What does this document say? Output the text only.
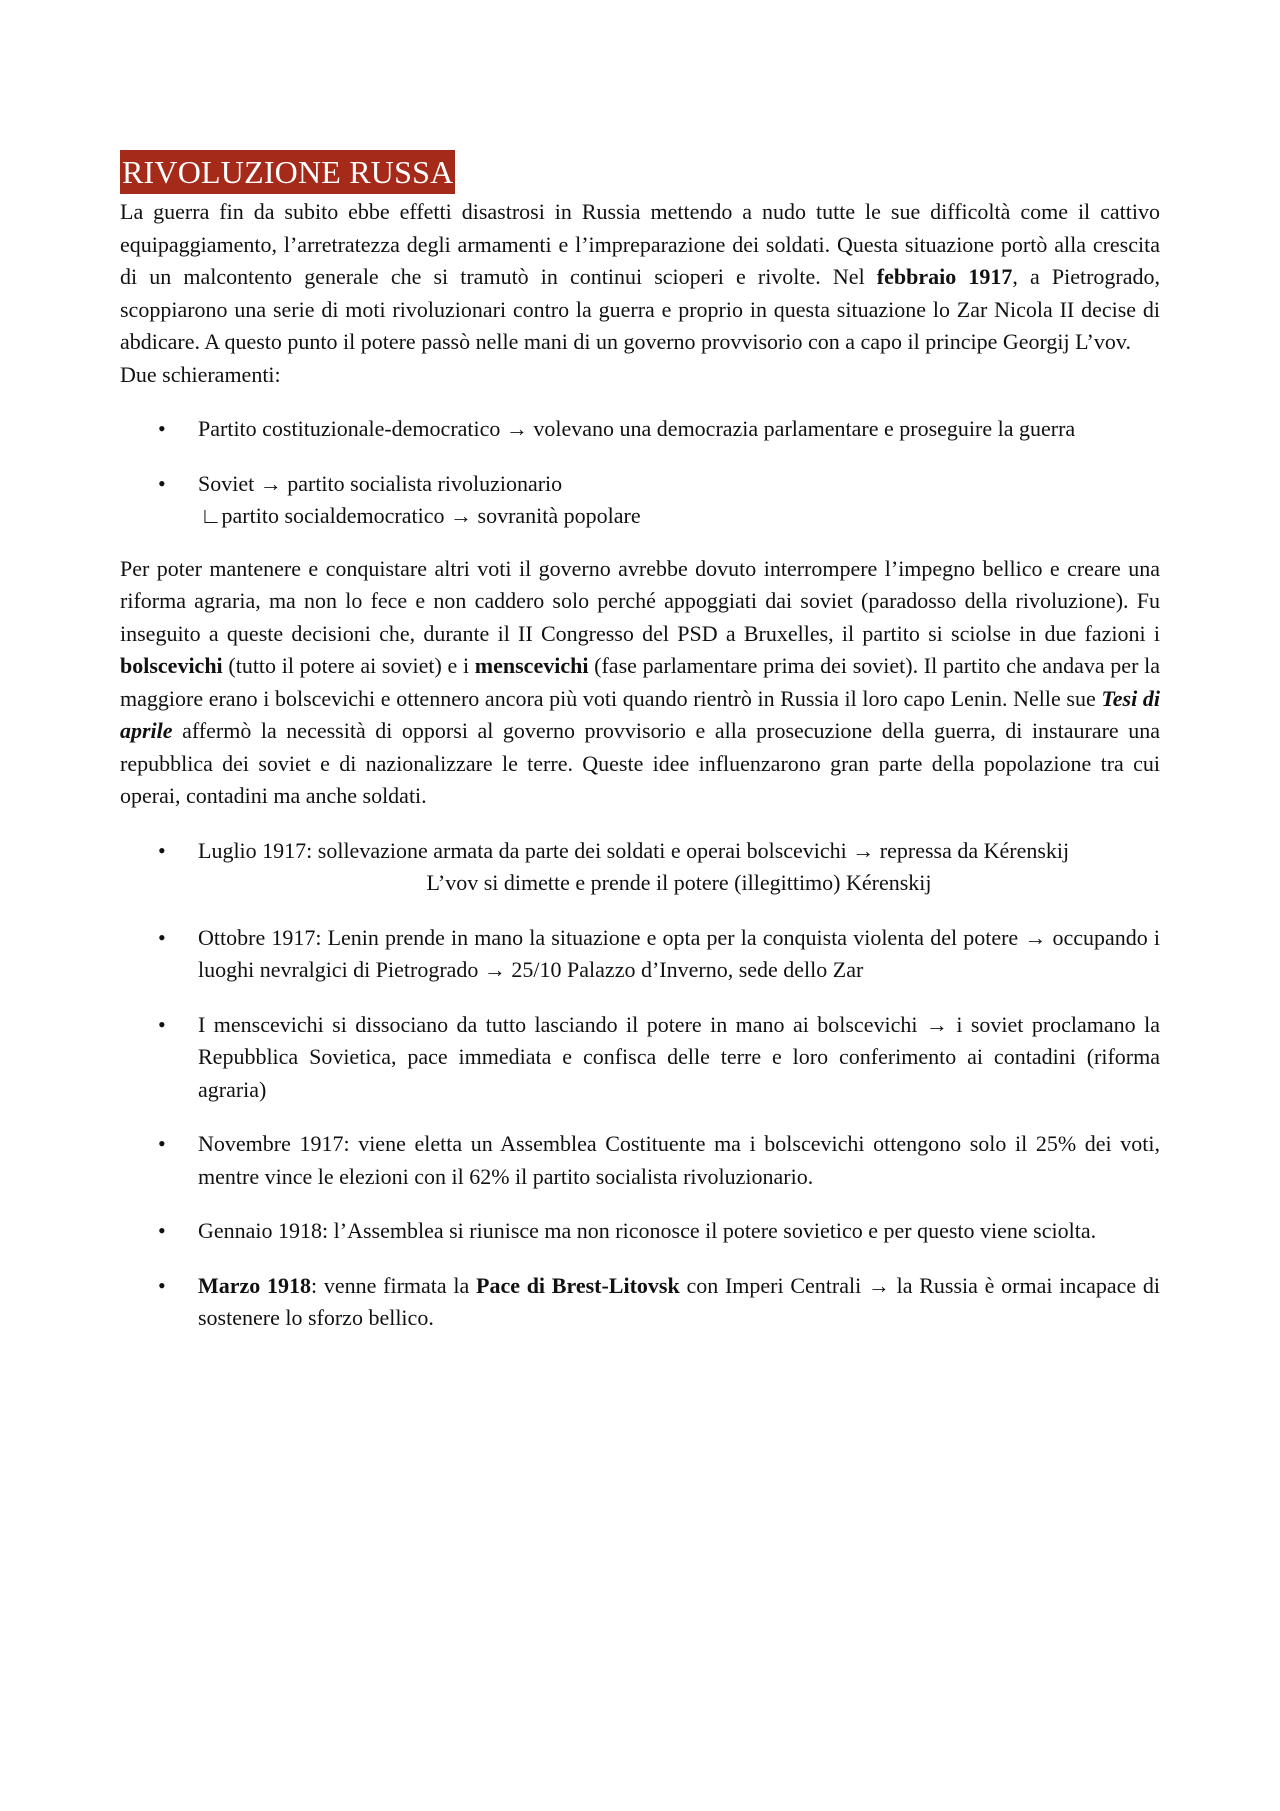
RIVOLUZIONE RUSSA

La guerra fin da subito ebbe effetti disastrosi in Russia mettendo a nudo tutte le sue difficoltà come il cattivo equipaggiamento, l’arretratezza degli armamenti e l’impreparazione dei soldati. Questa situazione portò alla crescita di un malcontento generale che si tramutò in continui scioperi e rivolte. Nel febbraio 1917, a Pietrogrado, scoppiarono una serie di moti rivoluzionari contro la guerra e proprio in questa situazione lo Zar Nicola II decise di abdicare. A questo punto il potere passò nelle mani di un governo provvisorio con a capo il principe Georgij L’vov.
Due schieramenti:

• Partito costituzionale-democratico → volevano una democrazia parlamentare e proseguire la guerra
• Soviet → partito socialista rivoluzionario
∟partito socialdemocratico → sovranità popolare

Per poter mantenere e conquistare altri voti il governo avrebbe dovuto interrompere l’impegno bellico e creare una riforma agraria, ma non lo fece e non caddero solo perché appoggiati dai soviet (paradosso della rivoluzione). Fu inseguito a queste decisioni che, durante il II Congresso del PSD a Bruxelles, il partito si sciolse in due fazioni i bolscevichi (tutto il potere ai soviet) e i menscevichi (fase parlamentare prima dei soviet). Il partito che andava per la maggiore erano i bolscevichi e ottennero ancora più voti quando rientrò in Russia il loro capo Lenin. Nelle sue Tesi di aprile affermò la necessità di opporsi al governo provvisorio e alla prosecuzione della guerra, di instaurare una repubblica dei soviet e di nazionalizzare le terre. Queste idee influenzarono gran parte della popolazione tra cui operai, contadini ma anche soldati.

• Luglio 1917: sollevazione armata da parte dei soldati e operai bolscevichi → repressa da Kérenskij
L’vov si dimette e prende il potere (illegittimo) Kérenskij
• Ottobre 1917: Lenin prende in mano la situazione e opta per la conquista violenta del potere → occupando i luoghi nevralgici di Pietrogrado → 25/10 Palazzo d’Inverno, sede dello Zar
• I menscevichi si dissociano da tutto lasciando il potere in mano ai bolscevichi → i soviet proclamano la Repubblica Sovietica, pace immediata e confisca delle terre e loro conferimento ai contadini (riforma agraria)
• Novembre 1917: viene eletta un Assemblea Costituente ma i bolscevichi ottengono solo il 25% dei voti, mentre vince le elezioni con il 62% il partito socialista rivoluzionario.
• Gennaio 1918: l’Assemblea si riunisce ma non riconosce il potere sovietico e per questo viene sciolta.
• Marzo 1918: venne firmata la Pace di Brest-Litovsk con Imperi Centrali → la Russia è ormai incapace di sostenere lo sforzo bellico.
